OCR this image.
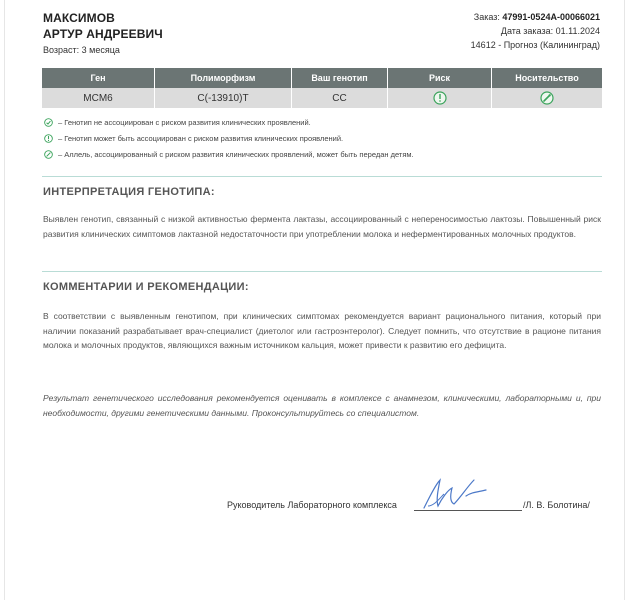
МАКСИМОВ
АРТУР АНДРЕЕВИЧ
Возраст: 3 месяца
Заказ: 47991-0524A-00066021
Дата заказа: 01.11.2024
14612 - Прогноз (Калининград)
Ген	Полиморфизм	Ваш генотип	Риск	Носительство
MCM6	C(-13910)T	CC		
– Генотип не ассоциирован с риском развития клинических проявлений.
– Генотип может быть ассоциирован с риском развития клинических проявлений.
– Аллель, ассоциированный с риском развития клинических проявлений, может быть передан детям.
ИНТЕРПРЕТАЦИЯ ГЕНОТИПА:
Выявлен генотип, связанный с низкой активностью фермента лактазы, ассоциированный с непереносимостью лактозы. Повышенный риск развития клинических симптомов лактазной недостаточности при употреблении молока и неферментированных молочных продуктов.
КОММЕНТАРИИ И РЕКОМЕНДАЦИИ:
В соответствии с выявленным генотипом, при клинических симптомах рекомендуется вариант рационального питания, который при наличии показаний разрабатывает врач-специалист (диетолог или гастроэнтеролог). Следует помнить, что отсутствие в рационе питания молока и молочных продуктов, являющихся важным источником кальция, может привести к развитию его дефицита.
Результат генетического исследования рекомендуется оценивать в комплексе с анамнезом, клиническими, лабораторными и, при необходимости, другими генетическими данными. Проконсультируйтесь со специалистом.
Руководитель Лабораторного комплекса	/Л. В. Болотина/
